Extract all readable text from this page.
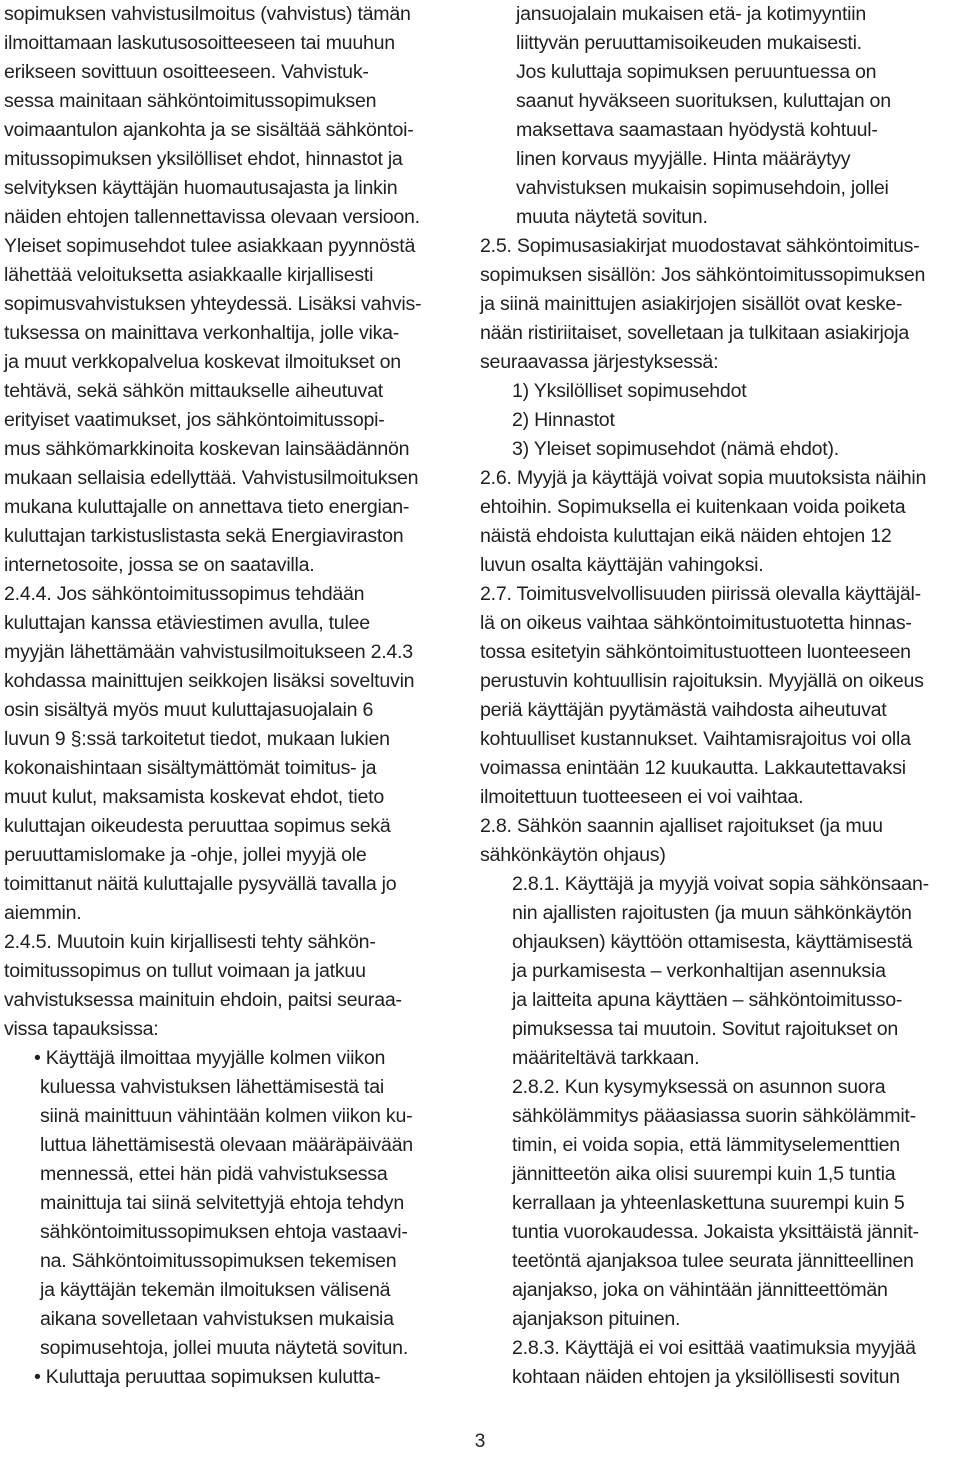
sopimuksen vahvistusilmoitus (vahvistus) tämän
ilmoittamaan laskutusosoitteeseen tai muuhun
erikseen sovittuun osoitteeseen. Vahvistuk-
sessa mainitaan sähköntoimitussopimuksen
voimaantulon ajankohta ja se sisältää sähköntoi-
mitussopimuksen yksilölliset ehdot, hinnastot ja
selvityksen käyttäjän huomautusajasta ja linkin
näiden ehtojen tallennettavissa olevaan versioon.
Yleiset sopimusehdot tulee asiakkaan pyynnöstä
lähettää veloituksetta asiakkaalle kirjallisesti
sopimusvahvistuksen yhteydessä. Lisäksi vahvis-
tuksessa on mainittava verkonhaltija, jolle vika-
ja muut verkkopalvelua koskevat ilmoitukset on
tehtävä, sekä sähkön mittaukselle aiheutuvat
erityiset vaatimukset, jos sähköntoimitussopi-
mus sähkömarkkinoita koskevan lainsäädännön
mukaan sellaisia edellyttää. Vahvistusilmoituksen
mukana kuluttajalle on annettava tieto energian-
kuluttajan tarkistuslistasta sekä Energiaviraston
internetosoite, jossa se on saatavilla.
2.4.4. Jos sähköntoimitussopimus tehdään
kuluttajan kanssa etäviestimen avulla, tulee
myyjän lähettämään vahvistusilmoitukseen 2.4.3
kohdassa mainittujen seikkojen lisäksi soveltuvin
osin sisältyä myös muut kuluttajasuojalain 6
luvun 9 §:ssä tarkoitetut tiedot, mukaan lukien
kokonaishintaan sisältymättömät toimitus- ja
muut kulut, maksamista koskevat ehdot, tieto
kuluttajan oikeudesta peruuttaa sopimus sekä
peruuttamislomake ja -ohje, jollei myyjä ole
toimittanut näitä kuluttajalle pysyvällä tavalla jo
aiemmin.
2.4.5. Muutoin kuin kirjallisesti tehty sähkön-
toimitussopimus on tullut voimaan ja jatkuu
vahvistuksessa mainituin ehdoin, paitsi seuraa-
vissa tapauksissa:
• Käyttäjä ilmoittaa myyjälle kolmen viikon
kuluessa vahvistuksen lähettämisestä tai
siinä mainittuun vähintään kolmen viikon ku-
luttua lähettämisestä olevaan määräpäivään
mennessä, ettei hän pidä vahvistuksessa
mainittuja tai siinä selvitettyjä ehtoja tehdyn
sähköntoimitussopimuksen ehtoja vastaavi-
na. Sähköntoimitussopimuksen tekemisen
ja käyttäjän tekemän ilmoituksen välisenä
aikana sovelletaan vahvistuksen mukaisia
sopimusehtoja, jollei muuta näytetä sovitun.
• Kuluttaja peruuttaa sopimuksen kulutta-
jansuojalain mukaisen etä- ja kotimyyntiin
liittyvän peruuttamisoikeuden mukaisesti.
Jos kuluttaja sopimuksen peruuntuessa on
saanut hyväkseen suorituksen, kuluttajan on
maksettava saamastaan hyödystä kohtuul-
linen korvaus myyjälle. Hinta määräytyy
vahvistuksen mukaisin sopimusehdoin, jollei
muuta näytetä sovitun.
2.5. Sopimusasiakirjat muodostavat sähköntoimitus-
sopimuksen sisällön: Jos sähköntoimitussopimuksen
ja siinä mainittujen asiakirjojen sisällöt ovat keske-
nään ristiriitaiset, sovelletaan ja tulkitaan asiakirjoja
seuraavassa järjestyksessä:
1) Yksilölliset sopimusehdot
2) Hinnastot
3) Yleiset sopimusehdot (nämä ehdot).
2.6. Myyjä ja käyttäjä voivat sopia muutoksista näihin
ehtoihin. Sopimuksella ei kuitenkaan voida poiketa
näistä ehdoista kuluttajan eikä näiden ehtojen 12
luvun osalta käyttäjän vahingoksi.
2.7. Toimitusvelvollisuuden piirissä olevalla käyttäjäl-
lä on oikeus vaihtaa sähköntoimitustuotetta hinnas-
tossa esitetyin sähköntoimitustuotteen luonteeseen
perustuvin kohtuullisin rajoituksin. Myyjällä on oikeus
periä käyttäjän pyytämästä vaihdosta aiheutuvat
kohtuulliset kustannukset. Vaihtamisrajoitus voi olla
voimassa enintään 12 kuukautta. Lakkautettavaksi
ilmoitettuun tuotteeseen ei voi vaihtaa.
2.8. Sähkön saannin ajalliset rajoitukset (ja muu
sähkönkäytön ohjaus)
2.8.1. Käyttäjä ja myyjä voivat sopia sähkönsaan-
nin ajallisten rajoitusten (ja muun sähkönkäytön
ohjauksen) käyttöön ottamisesta, käyttämisestä
ja purkamisesta – verkonhaltijan asennuksia
ja laitteita apuna käyttäen – sähköntoimitusso-
pimuksessa tai muutoin. Sovitut rajoitukset on
määriteltävä tarkkaan.
2.8.2. Kun kysymyksessä on asunnon suora
sähkölämmitys pääasiassa suorin sähkölämmit-
timin, ei voida sopia, että lämmityselementtien
jännitteetön aika olisi suurempi kuin 1,5 tuntia
kerrallaan ja yhteenlaskettuna suurempi kuin 5
tuntia vuorokaudessa. Jokaista yksittäistä jännit-
teetöntä ajanjaksoa tulee seurata jännitteellinen
ajanjakso, joka on vähintään jännitteettömän
ajanjakson pituinen.
2.8.3. Käyttäjä ei voi esittää vaatimuksia myyjää
kohtaan näiden ehtojen ja yksilöllisesti sovitun
3
